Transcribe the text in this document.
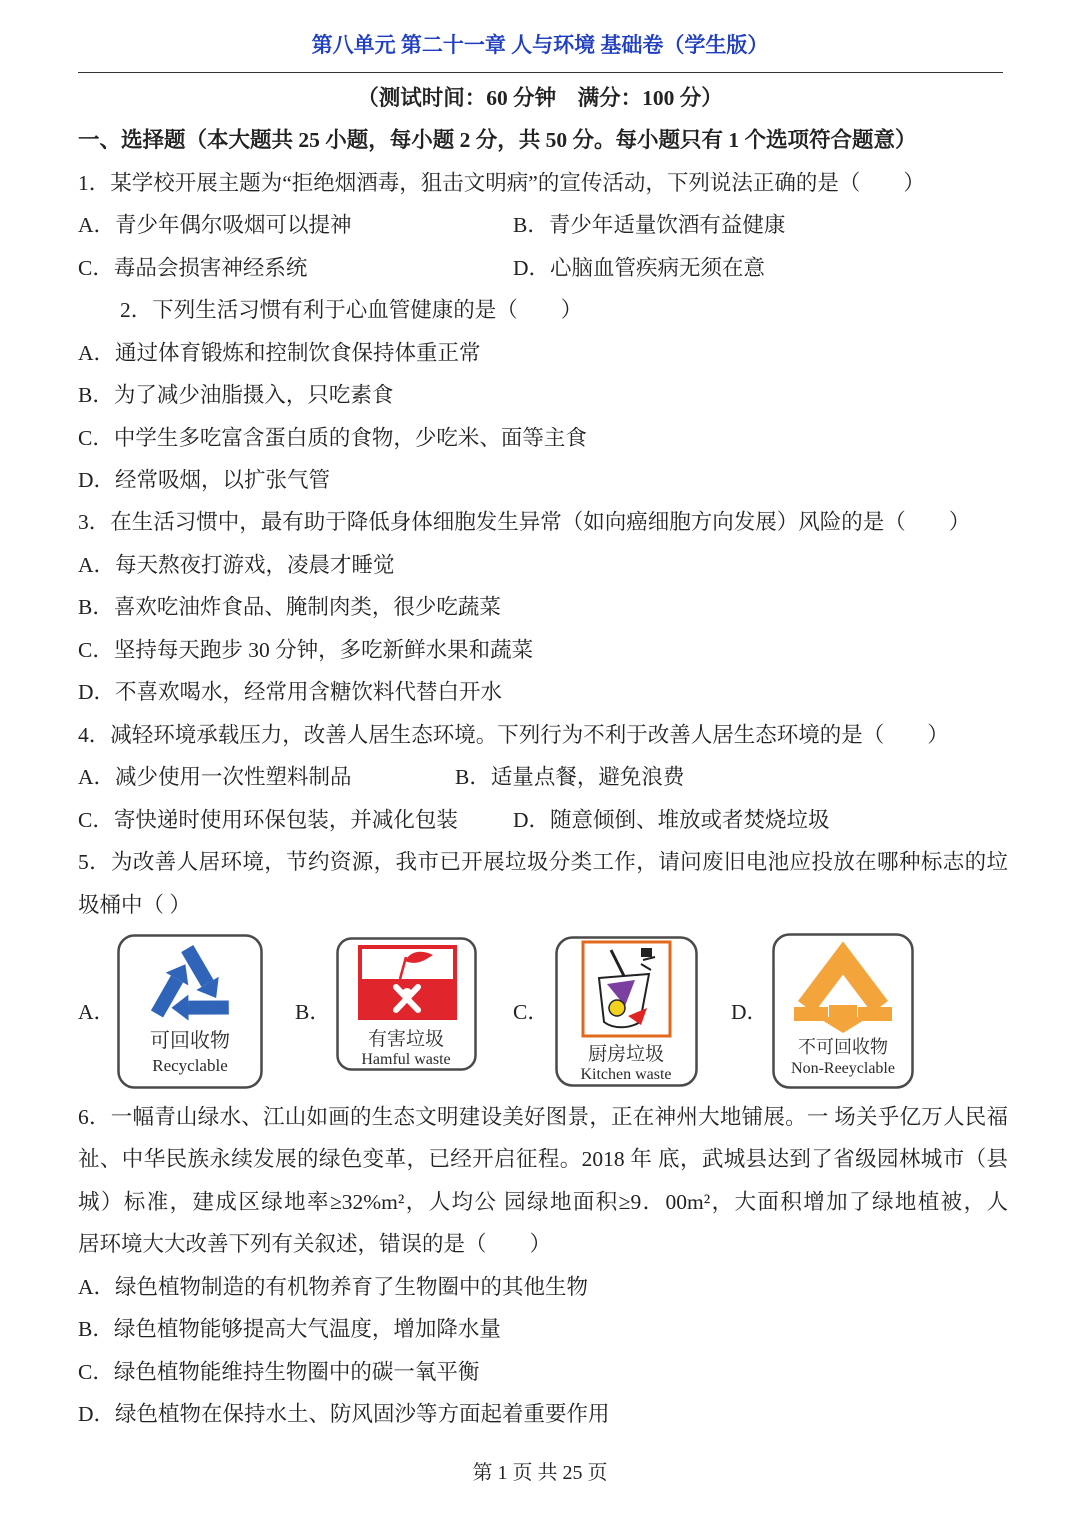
第八单元 第二十一章 人与环境 基础卷（学生版）
（测试时间：60 分钟　满分：100 分）
一、选择题（本大题共 25 小题，每小题 2 分，共 50 分。每小题只有 1 个选项符合题意）
1．某学校开展主题为“拒绝烟酒毒，狙击文明病”的宣传活动，下列说法正确的是（　　）
A．青少年偶尔吸烟可以提神	B．青少年适量饮酒有益健康
C．毒品会损害神经系统	D．心脑血管疾病无须在意
2．下列生活习惯有利于心血管健康的是（　　）
A．通过体育锻炼和控制饮食保持体重正常
B．为了减少油脂摄入，只吃素食
C．中学生多吃富含蛋白质的食物，少吃米、面等主食
D．经常吸烟，以扩张气管
3．在生活习惯中，最有助于降低身体细胞发生异常（如向癌细胞方向发展）风险的是（　　）
A．每天熬夜打游戏，凌晨才睡觉
B．喜欢吃油炸食品、腌制肉类，很少吃蔬菜
C．坚持每天跑步 30 分钟，多吃新鲜水果和蔬菜
D．不喜欢喝水，经常用含糖饮料代替白开水
4．减轻环境承载压力，改善人居生态环境。下列行为不利于改善人居生态环境的是（　　）
A．减少使用一次性塑料制品	B．适量点餐，避免浪费
C．寄快递时使用环保包装，并减化包装	D．随意倾倒、堆放或者焚烧垃圾
5．为改善人居环境，节约资源，我市已开展垃圾分类工作，请问废旧电池应投放在哪种标志的垃
圾桶中（ ）
A．	B．	C．	D．
可回收物
Recyclable
有害垃圾
Hamful waste	厨房垃圾
Kitchen waste
不可回收物
Non-Reeyclable
6．一幅青山绿水、江山如画的生态文明建设美好图景，正在神州大地铺展。一 场关乎亿万人民福
祉、中华民族永续发展的绿色变革，已经开启征程。2018 年 底，武城县达到了省级园林城市（县
城）标准，建成区绿地率≥32%m²，人均公 园绿地面积≥9．00m²，大面积增加了绿地植被，人
居环境大大改善下列有关叙述，错误的是（　　）
A．绿色植物制造的有机物养育了生物圈中的其他生物
B．绿色植物能够提高大气温度，增加降水量
C．绿色植物能维持生物圈中的碳一氧平衡
D．绿色植物在保持水土、防风固沙等方面起着重要作用
第 1 页 共 25 页
